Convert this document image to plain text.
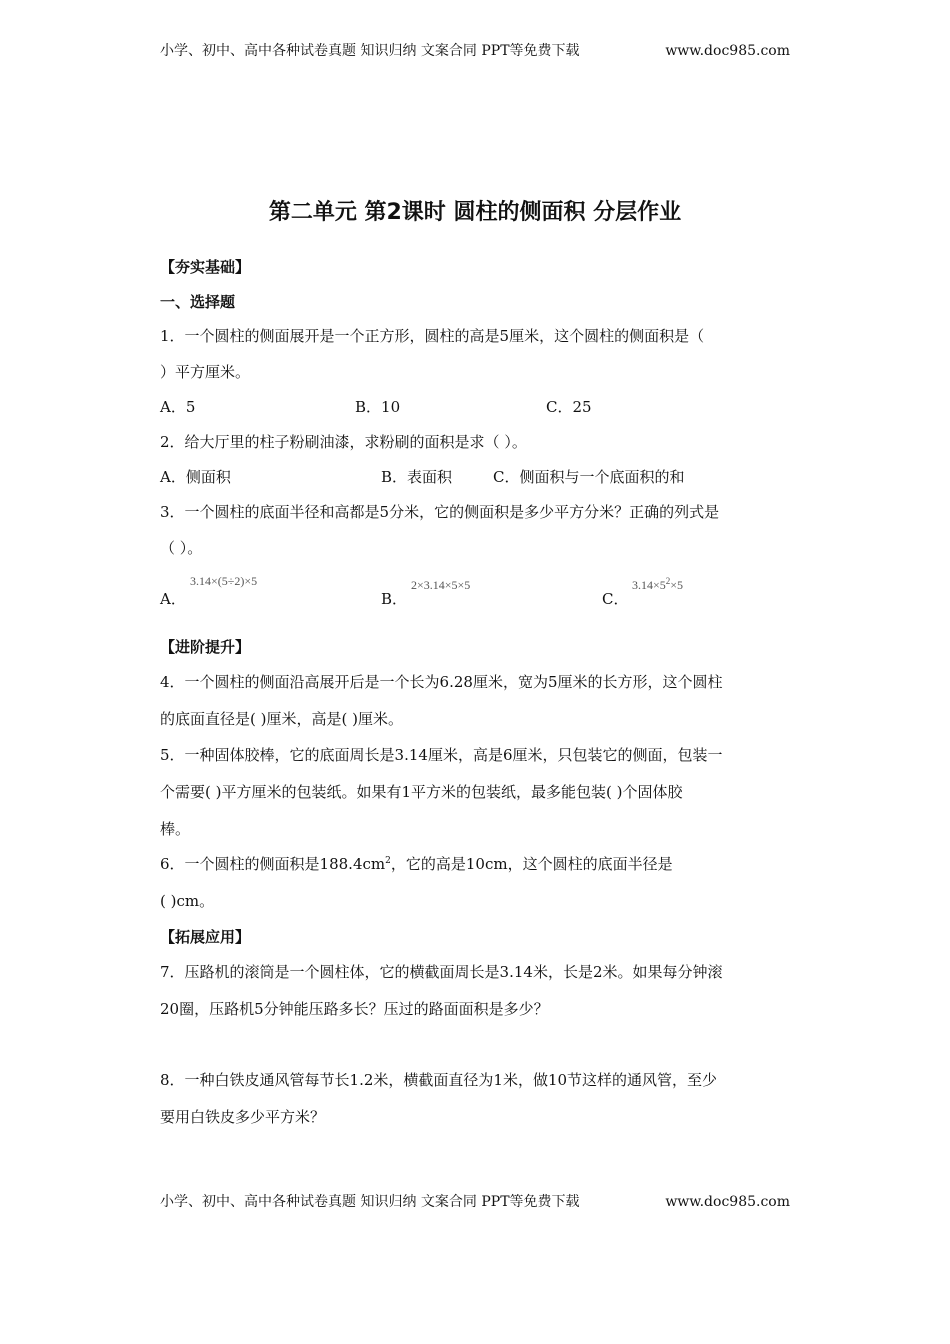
小学、初中、高中各种试卷真题 知识归纳 文案合同 PPT等免费下载	www.doc985.com
第二单元 第2课时 圆柱的侧面积 分层作业
【夯实基础】
一、选择题
1．一个圆柱的侧面展开是一个正方形，圆柱的高是5厘米，这个圆柱的侧面积是（
）平方厘米。
A．5	B．10	C．25
2．给大厅里的柱子粉刷油漆，求粉刷的面积是求（ ）。
A．侧面积	B．表面积	C．侧面积与一个底面积的和
3．一个圆柱的底面半径和高都是5分米，它的侧面积是多少平方分米？正确的列式是
（ ）。
A．
3.14×(5÷2)×5
B．
2×3.14×5×5
C．
$3.14\times 5^2\times 5$
【进阶提升】
4．一个圆柱的侧面沿高展开后是一个长为6.28厘米，宽为5厘米的长方形，这个圆柱
的底面直径是( )厘米，高是( )厘米。
5．一种固体胶棒，它的底面周长是3.14厘米，高是6厘米，只包装它的侧面，包装一
个需要( )平方厘米的包装纸。如果有1平方米的包装纸，最多能包装( )个固体胶
棒。
6．一个圆柱的侧面积是$188.4cm^2$，它的高是10cm，这个圆柱的底面半径是
( )cm。
【拓展应用】
7．压路机的滚筒是一个圆柱体，它的横截面周长是3.14米，长是2米。如果每分钟滚
20圈，压路机5分钟能压路多长？压过的路面面积是多少？
8．一种白铁皮通风管每节长1.2米，横截面直径为1米，做10节这样的通风管，至少
要用白铁皮多少平方米？
小学、初中、高中各种试卷真题 知识归纳 文案合同 PPT等免费下载	www.doc985.com
